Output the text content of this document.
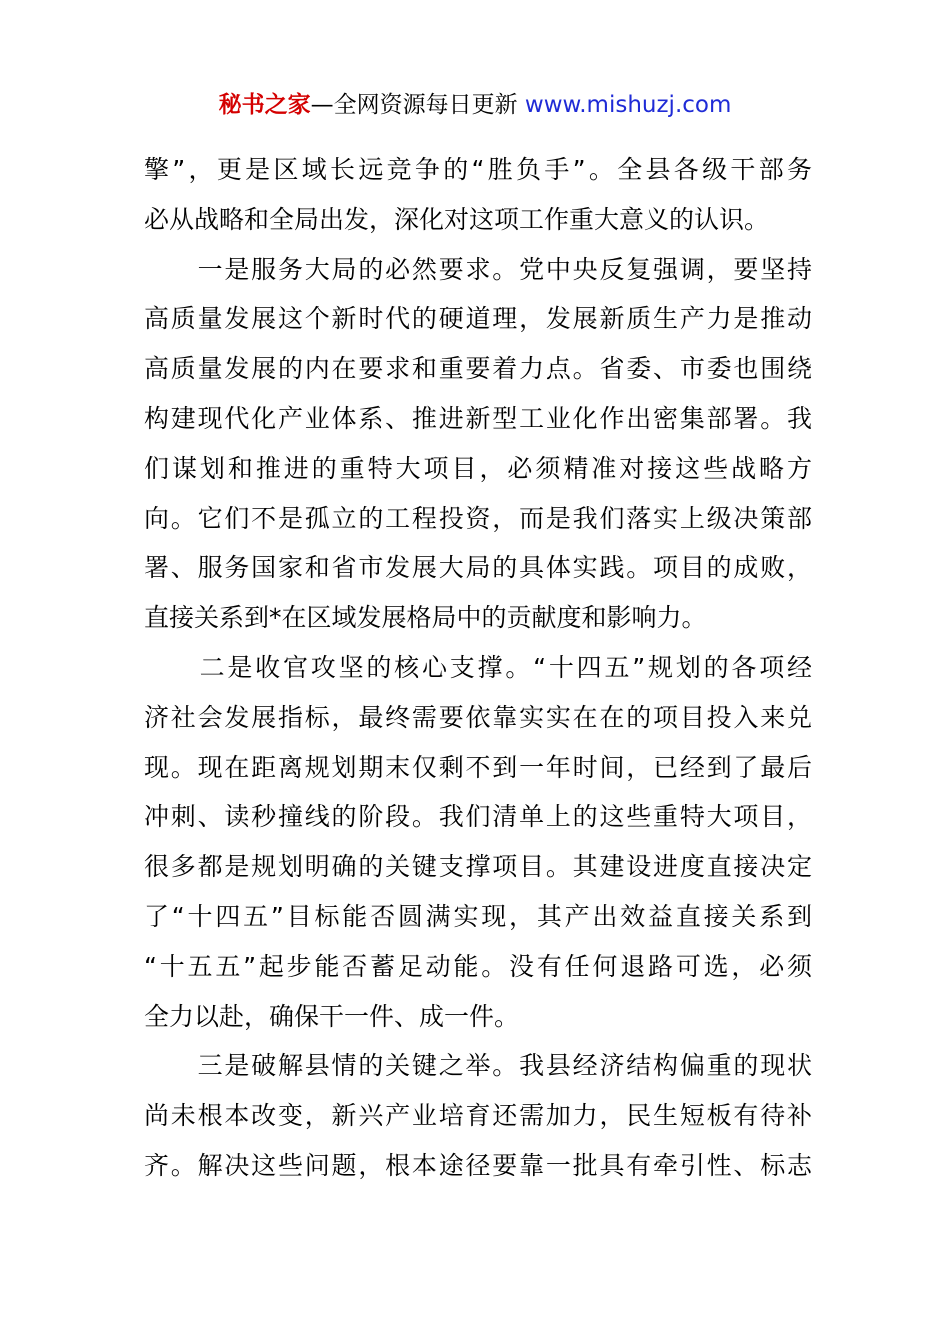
秘书之家—全网资源每日更新 www.mishuzj.com
擎”，更是区域长远竞争的“胜负手”。全县各级干部务
必从战略和全局出发，深化对这项工作重大意义的认识。
　　一是服务大局的必然要求。党中央反复强调，要坚持
高质量发展这个新时代的硬道理，发展新质生产力是推动
高质量发展的内在要求和重要着力点。省委、市委也围绕
构建现代化产业体系、推进新型工业化作出密集部署。我
们谋划和推进的重特大项目，必须精准对接这些战略方
向。它们不是孤立的工程投资，而是我们落实上级决策部
署、服务国家和省市发展大局的具体实践。项目的成败，
直接关系到*在区域发展格局中的贡献度和影响力。
　　二是收官攻坚的核心支撑。“十四五”规划的各项经
济社会发展指标，最终需要依靠实实在在的项目投入来兑
现。现在距离规划期末仅剩不到一年时间，已经到了最后
冲刺、读秒撞线的阶段。我们清单上的这些重特大项目，
很多都是规划明确的关键支撑项目。其建设进度直接决定
了“十四五”目标能否圆满实现，其产出效益直接关系到
“十五五”起步能否蓄足动能。没有任何退路可选，必须
全力以赴，确保干一件、成一件。
　　三是破解县情的关键之举。我县经济结构偏重的现状
尚未根本改变，新兴产业培育还需加力，民生短板有待补
齐。解决这些问题，根本途径要靠一批具有牵引性、标志
